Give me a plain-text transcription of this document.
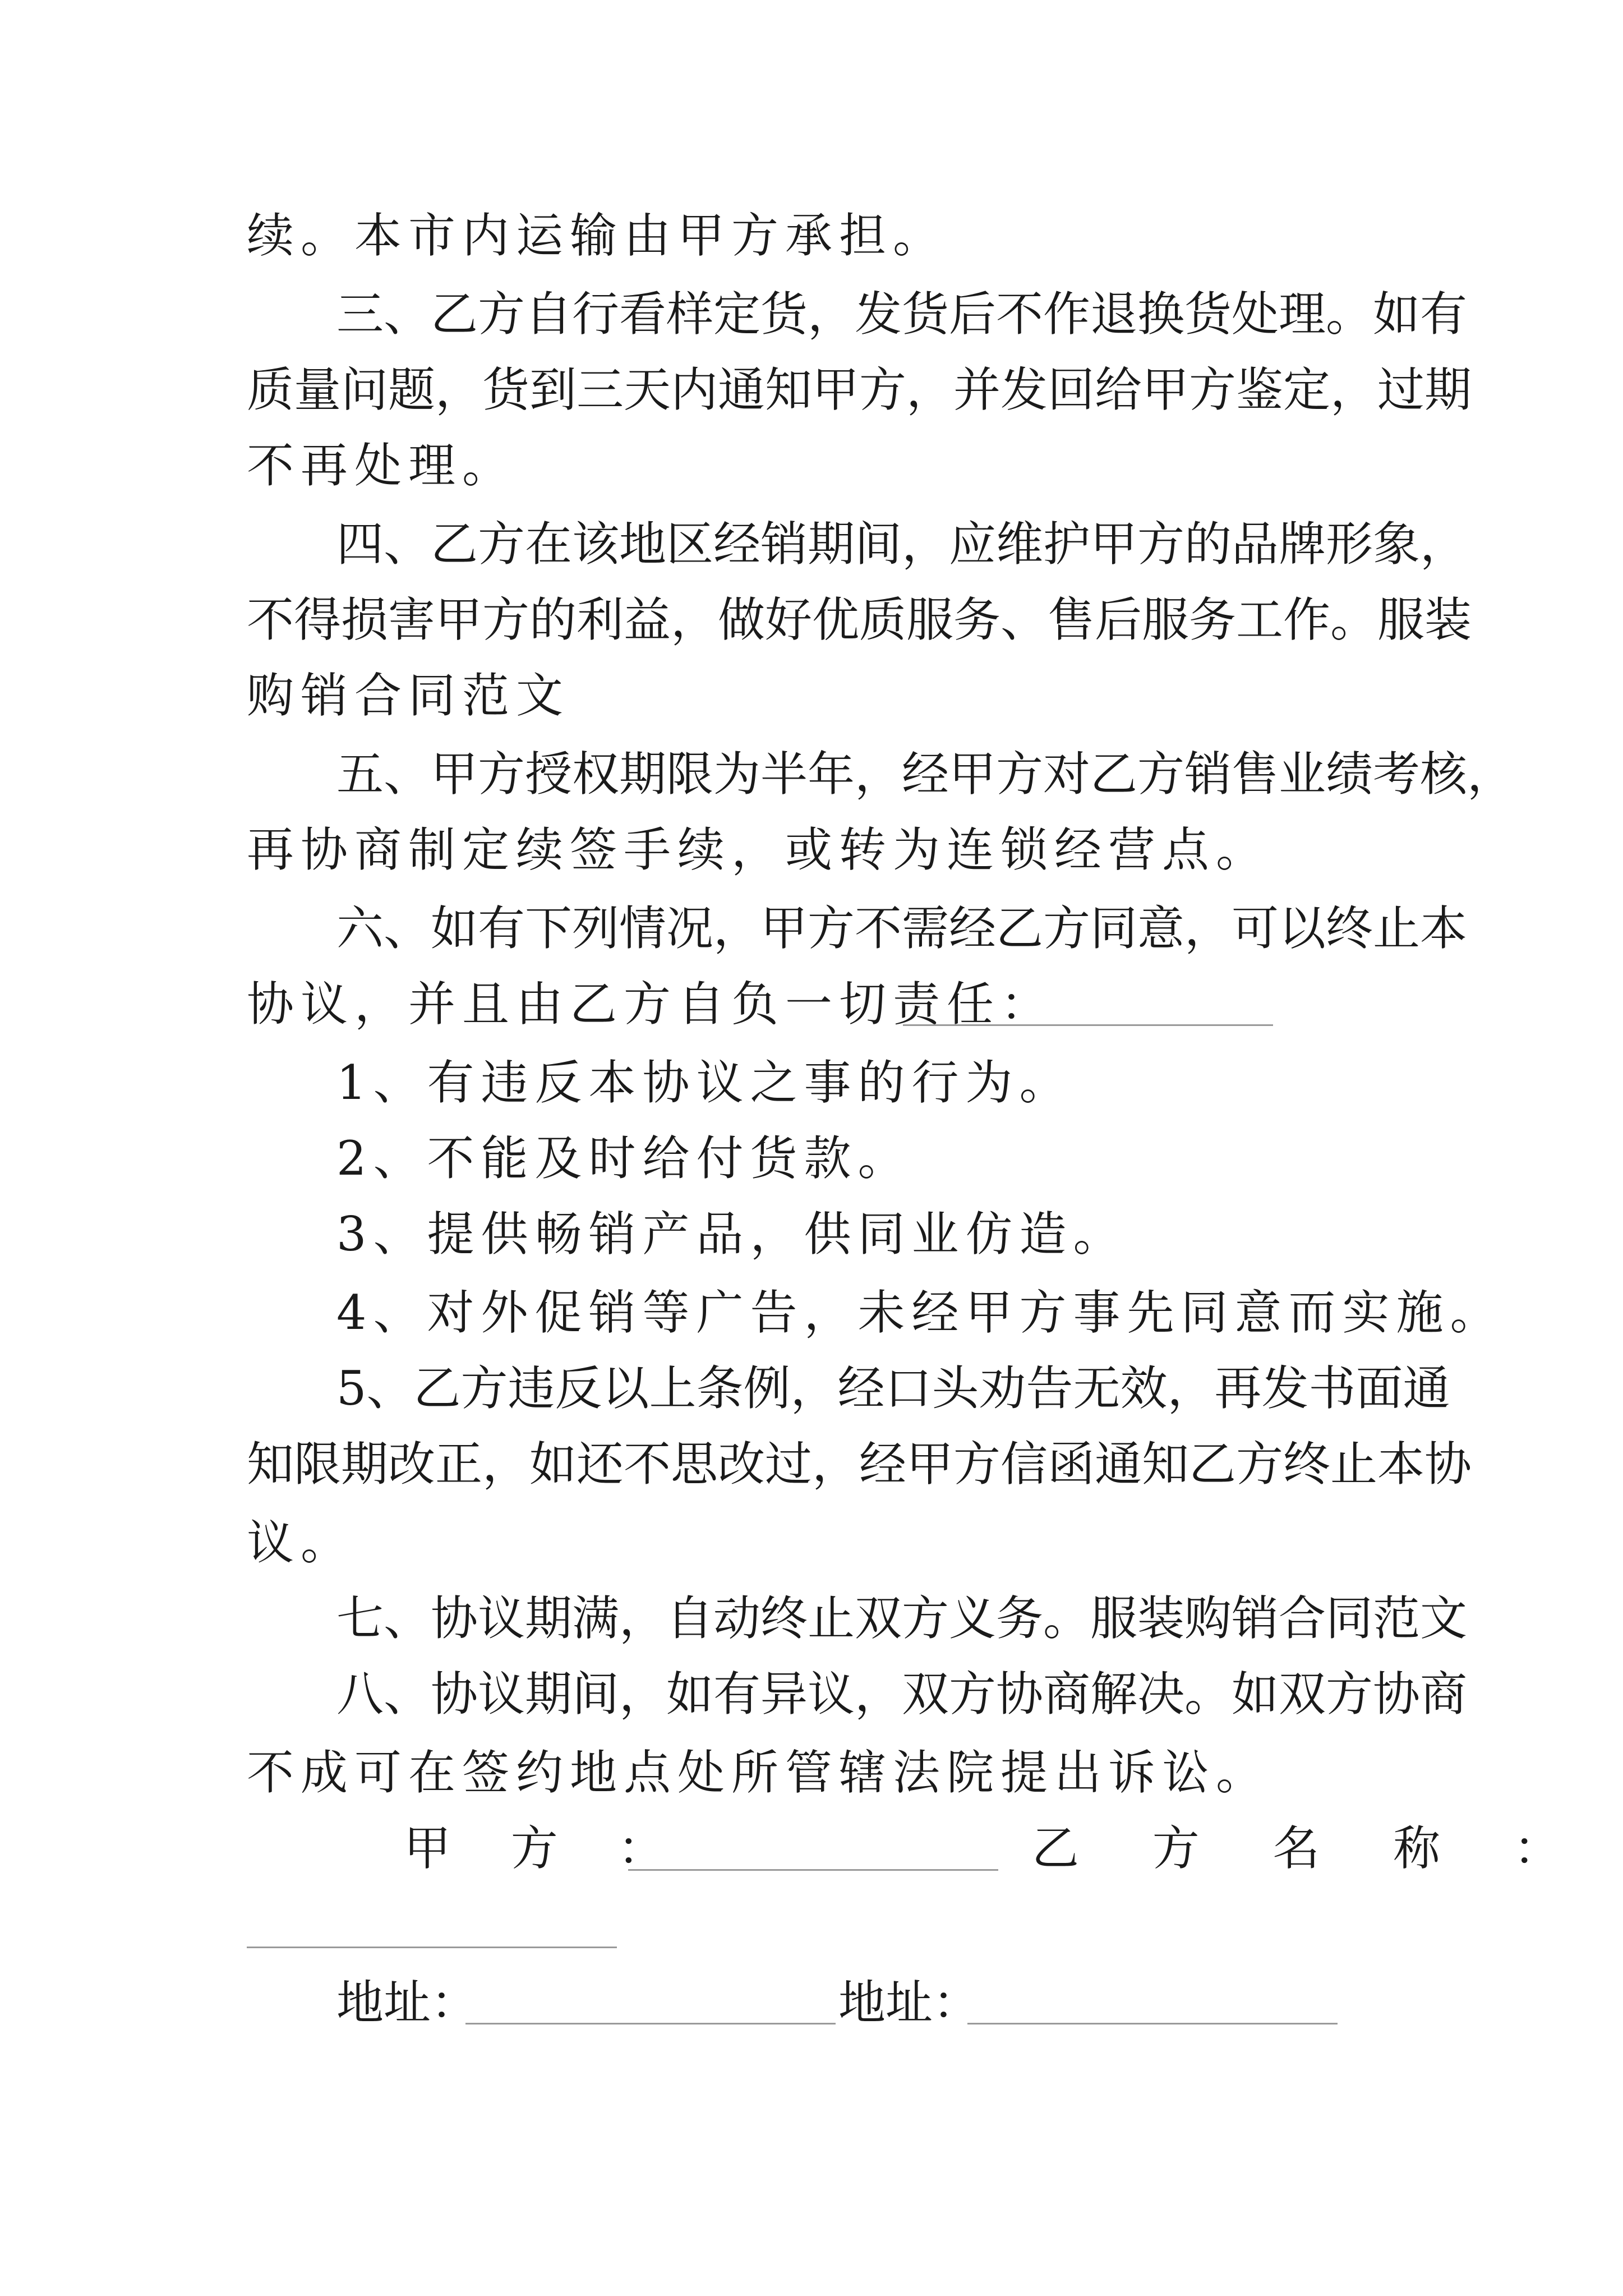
续。本市内运输由甲方承担。
三、乙方自行看样定货，发货后不作退换货处理。如有
质量问题，货到三天内通知甲方，并发回给甲方鉴定，过期
不再处理。
四、乙方在该地区经销期间，应维护甲方的品牌形象，
不得损害甲方的利益，做好优质服务、售后服务工作。服装
购销合同范文
五、甲方授权期限为半年，经甲方对乙方销售业绩考核，
再协商制定续签手续，或转为连锁经营点。
六、如有下列情况，甲方不需经乙方同意，可以终止本
协议，并且由乙方自负一切责任：
1、有违反本协议之事的行为。
2、不能及时给付货款。
3、提供畅销产品，供同业仿造。
4、对外促销等广告，未经甲方事先同意而实施。
5、乙方违反以上条例，经口头劝告无效，再发书面通
知限期改正，如还不思改过，经甲方信函通知乙方终止本协
议。
七、协议期满，自动终止双方义务。服装购销合同范文
八、协议期间，如有异议，双方协商解决。如双方协商
不成可在签约地点处所管辖法院提出诉讼。
甲 方 ：	乙 方 名 称 ：
地址：	地址：
